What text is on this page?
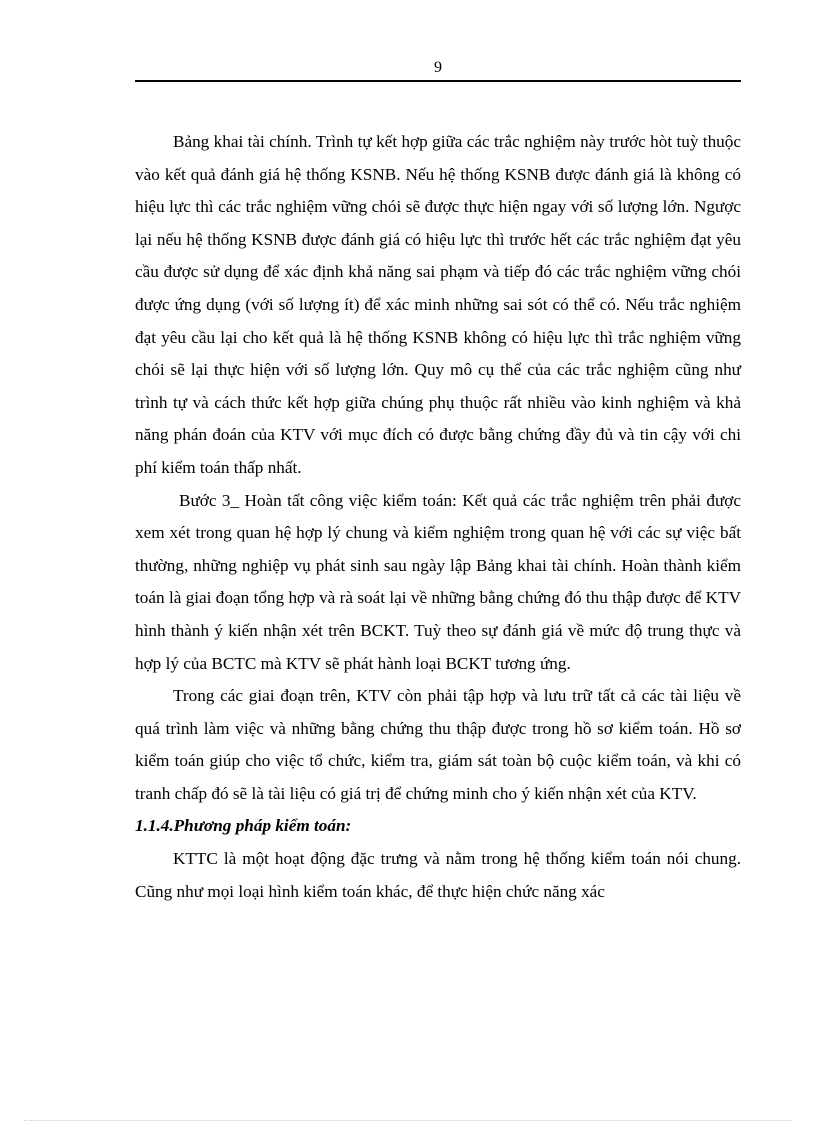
9

Bảng khai tài chính. Trình tự kết hợp giữa các trắc nghiệm này trước hòt tuỳ thuộc vào kết quả đánh giá hệ thống KSNB. Nếu hệ thống KSNB được đánh giá là không có hiệu lực thì các trắc nghiệm vững chói sẽ được thực hiện ngay với số lượng lớn. Ngược lại nếu hệ thống KSNB được đánh giá có hiệu lực thì trước hết các trắc nghiệm đạt yêu cầu được sử dụng để xác định khả năng sai phạm và tiếp đó các trắc nghiệm vững chói được ứng dụng (với số lượng ít) để xác minh những sai sót có thể có. Nếu trắc nghiệm đạt yêu cầu lại cho kết quả là hệ thống KSNB không có hiệu lực thì trắc nghiệm vững chói sẽ lại thực hiện với số lượng lớn. Quy mô cụ thể của các trắc nghiệm cũng như trình tự và cách thức kết hợp giữa chúng phụ thuộc rất nhiều vào kinh nghiệm và khả năng phán đoán của KTV với mục đích có được bằng chứng đầy đủ và tin cậy với chi phí kiểm toán thấp nhất.

Bước 3_ Hoàn tất công việc kiểm toán: Kết quả các trắc nghiệm trên phải được xem xét trong quan hệ hợp lý chung và kiểm nghiệm trong quan hệ với các sự việc bất thường, những nghiệp vụ phát sinh sau ngày lập Bảng khai tài chính. Hoàn thành kiểm toán là giai đoạn tổng hợp và rà soát lại về những bằng chứng đó thu thập được để KTV hình thành ý kiến nhận xét trên BCKT. Tuỳ theo sự đánh giá về mức độ trung thực và hợp lý của BCTC mà KTV sẽ phát hành loại BCKT tương ứng.

Trong các giai đoạn trên, KTV còn phải tập hợp và lưu trữ tất cả các tài liệu về quá trình làm việc và những bằng chứng thu thập được trong hồ sơ kiểm toán. Hồ sơ kiểm toán giúp cho việc tổ chức, kiểm tra, giám sát toàn bộ cuộc kiểm toán, và khi có tranh chấp đó sẽ là tài liệu có giá trị để chứng minh cho ý kiến nhận xét của KTV.

1.1.4.Phương pháp kiểm toán:

KTTC là một hoạt động đặc trưng và nằm trong hệ thống kiểm toán nói chung. Cũng như mọi loại hình kiểm toán khác, để thực hiện chức năng xác
